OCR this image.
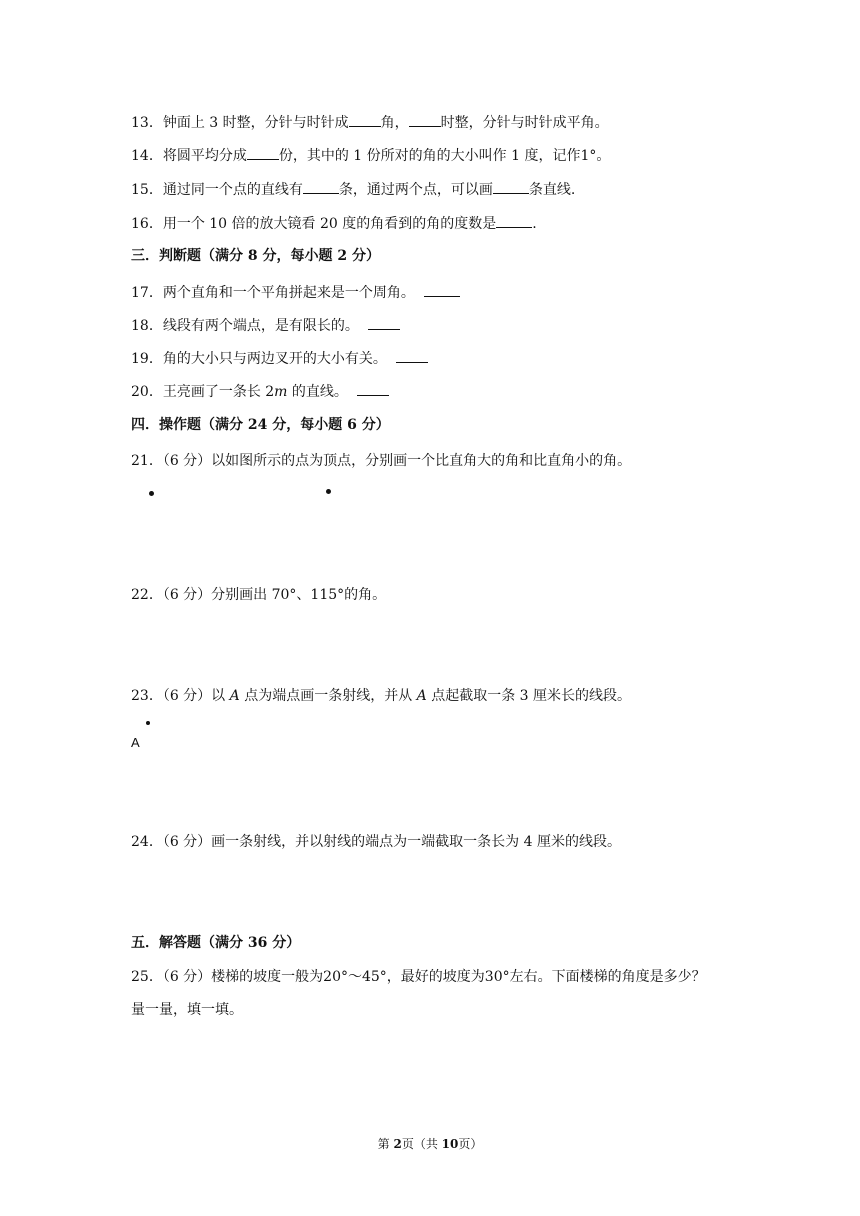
13．钟面上 3 时整，分针与时针成 角， 时整，分针与时针成平角。
14．将圆平均分成 份，其中的 1 份所对的角的大小叫作 1 度，记作1°。
15．通过同一个点的直线有	条，通过两个点，可以画	条直线.
16．用一个 10 倍的放大镜看 20 度的角看到的角的度数是	.
三．判断题（满分 8 分，每小题 2 分）
17．两个直角和一个平角拼起来是一个周角。
18．线段有两个端点，是有限长的。
19．角的大小只与两边叉开的大小有关。
20．王亮画了一条长 2m 的直线。
四．操作题（满分 24 分，每小题 6 分）
21．（6 分）以如图所示的点为顶点，分别画一个比直角大的角和比直角小的角。
22．（6 分）分别画出 70°、115°的角。
23．（6 分）以 A 点为端点画一条射线，并从 A 点起截取一条 3 厘米长的线段。
A
24．（6 分）画一条射线，并以射线的端点为一端截取一条长为 4 厘米的线段。
五．解答题（满分 36 分）
25．（6 分）楼梯的坡度一般为20°～45°，最好的坡度为30°左右。下面楼梯的角度是多少？
量一量，填一填。
第 2页（共 10页）
